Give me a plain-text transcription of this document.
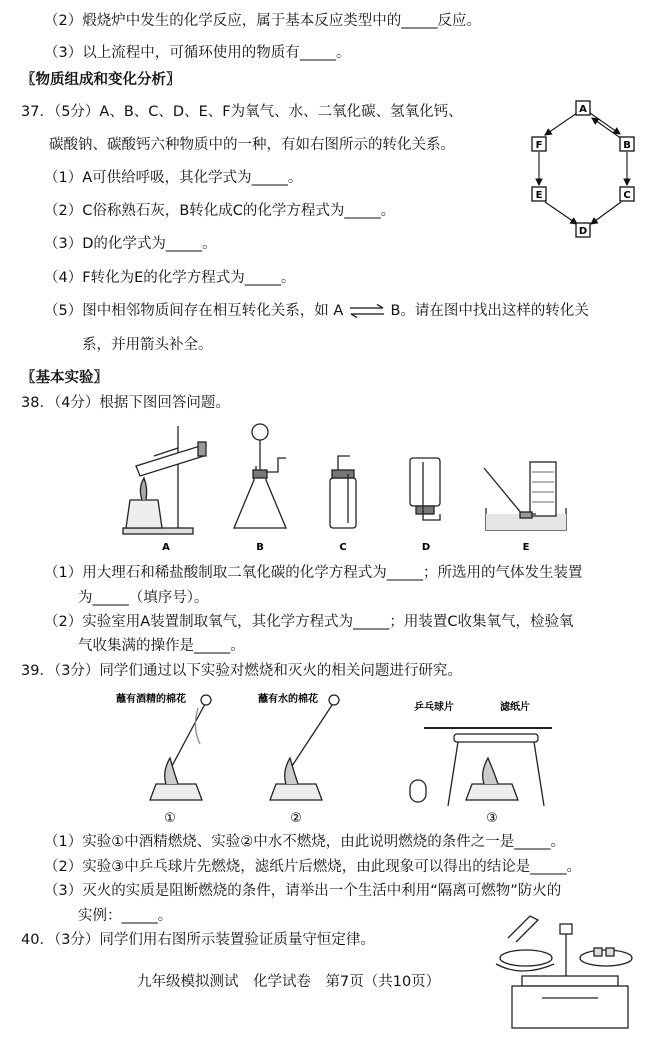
（2）煅烧炉中发生的化学反应，属于基本反应类型中的_____反应。
（3）以上流程中，可循环使用的物质有_____。
〖物质组成和变化分析〗
37．（5分）A、B、C、D、E、F为氧气、水、二氧化碳、氢氧化钙、
碳酸钠、碳酸钙六种物质中的一种，有如右图所示的转化关系。
（1）A可供给呼吸，其化学式为_____。
（2）C俗称熟石灰，B转化成C的化学方程式为_____。
（3）D的化学式为_____。
（4）F转化为E的化学方程式为_____。
（5）图中相邻物质间存在相互转化关系，如 A	B。请在图中找出这样的转化关
系，并用箭头补全。
〖基本实验〗
38．（4分）根据下图回答问题。
（1）用大理石和稀盐酸制取二氧化碳的化学方程式为_____；所选用的气体发生装置
为_____（填序号）。
（2）实验室用A装置制取氧气，其化学方程式为_____；用装置C收集氧气，检验氧
气收集满的操作是_____。
39．（3分）同学们通过以下实验对燃烧和灭火的相关问题进行研究。
（1）实验①中酒精燃烧、实验②中水不燃烧，由此说明燃烧的条件之一是_____。
（2）实验③中乒乓球片先燃烧，滤纸片后燃烧，由此现象可以得出的结论是_____。
（3）灭火的实质是阻断燃烧的条件，请举出一个生活中利用“隔离可燃物”防火的
实例：_____。
40．（3分）同学们用右图所示装置验证质量守恒定律。
九年级模拟测试　化学试卷　第7页（共10页）
A
F	B
E	C
D
A	B	C	D	E
蘸有酒精的棉花	蘸有水的棉花
乒乓球片	滤纸片
①	②	③
